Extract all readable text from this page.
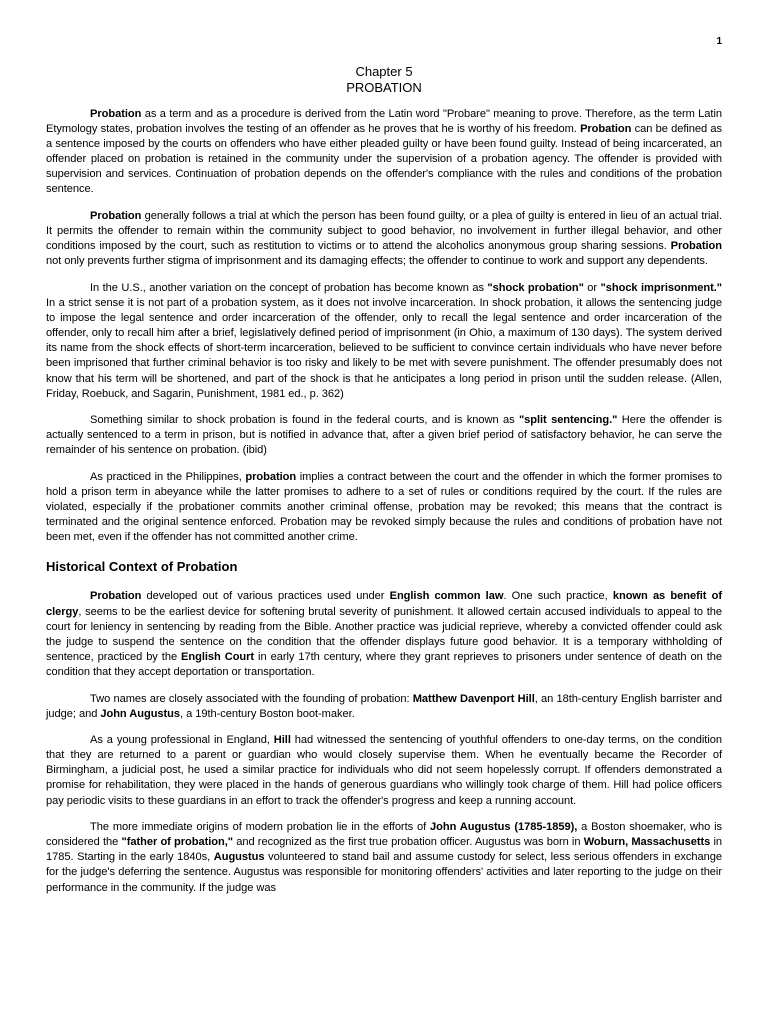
1
Chapter 5
PROBATION

Probation as a term and as a procedure is derived from the Latin word "Probare" meaning to prove. Therefore, as the term Latin Etymology states, probation involves the testing of an offender as he proves that he is worthy of his freedom. Probation can be defined as a sentence imposed by the courts on offenders who have either pleaded guilty or have been found guilty. Instead of being incarcerated, an offender placed on probation is retained in the community under the supervision of a probation agency. The offender is provided with supervision and services. Continuation of probation depends on the offender's compliance with the rules and conditions of the probation sentence.

Probation generally follows a trial at which the person has been found guilty, or a plea of guilty is entered in lieu of an actual trial. It permits the offender to remain within the community subject to good behavior, no involvement in further illegal behavior, and other conditions imposed by the court, such as restitution to victims or to attend the alcoholics anonymous group sharing sessions. Probation not only prevents further stigma of imprisonment and its damaging effects; the offender to continue to work and support any dependents.

In the U.S., another variation on the concept of probation has become known as "shock probation" or "shock imprisonment." In a strict sense it is not part of a probation system, as it does not involve incarceration. In shock probation, it allows the sentencing judge to impose the legal sentence and order incarceration of the offender, only to recall the legal sentence and order incarceration of the offender, only to recall him after a brief, legislatively defined period of imprisonment (in Ohio, a maximum of 130 days). The system derived its name from the shock effects of short-term incarceration, believed to be sufficient to convince certain individuals who have never before been imprisoned that further criminal behavior is too risky and likely to be met with severe punishment. The offender presumably does not know that his term will be shortened, and part of the shock is that he anticipates a long period in prison until the sudden release. (Allen, Friday, Roebuck, and Sagarin, Punishment, 1981 ed., p. 362)

Something similar to shock probation is found in the federal courts, and is known as "split sentencing." Here the offender is actually sentenced to a term in prison, but is notified in advance that, after a given brief period of satisfactory behavior, he can serve the remainder of his sentence on probation. (ibid)

As practiced in the Philippines, probation implies a contract between the court and the offender in which the former promises to hold a prison term in abeyance while the latter promises to adhere to a set of rules or conditions required by the court. If the rules are violated, especially if the probationer commits another criminal offense, probation may be revoked; this means that the contract is terminated and the original sentence enforced. Probation may be revoked simply because the rules and conditions of probation have not been met, even if the offender has not committed another crime.

Historical Context of Probation

Probation developed out of various practices used under English common law. One such practice, known as benefit of clergy, seems to be the earliest device for softening brutal severity of punishment. It allowed certain accused individuals to appeal to the court for leniency in sentencing by reading from the Bible. Another practice was judicial reprieve, whereby a convicted offender could ask the judge to suspend the sentence on the condition that the offender displays future good behavior. It is a temporary withholding of sentence, practiced by the English Court in early 17th century, where they grant reprieves to prisoners under sentence of death on the condition that they accept deportation or transportation.

Two names are closely associated with the founding of probation: Matthew Davenport Hill, an 18th-century English barrister and judge; and John Augustus, a 19th-century Boston boot-maker.

As a young professional in England, Hill had witnessed the sentencing of youthful offenders to one-day terms, on the condition that they are returned to a parent or guardian who would closely supervise them. When he eventually became the Recorder of Birmingham, a judicial post, he used a similar practice for individuals who did not seem hopelessly corrupt. If offenders demonstrated a promise for rehabilitation, they were placed in the hands of generous guardians who willingly took charge of them. Hill had police officers pay periodic visits to these guardians in an effort to track the offender's progress and keep a running account.

The more immediate origins of modern probation lie in the efforts of John Augustus (1785-1859), a Boston shoemaker, who is considered the "father of probation," and recognized as the first true probation officer. Augustus was born in Woburn, Massachusetts in 1785. Starting in the early 1840s, Augustus volunteered to stand bail and assume custody for select, less serious offenders in exchange for the judge's deferring the sentence. Augustus was responsible for monitoring offenders' activities and later reporting to the judge on their performance in the community. If the judge was
